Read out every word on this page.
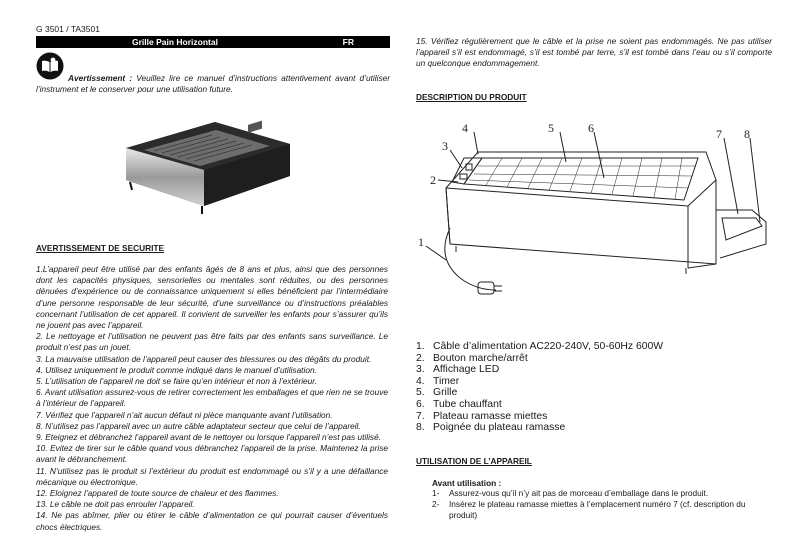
G 3501 / TA3501
Grille Pain Horizontal	FR
Avertissement : Veuillez lire ce manuel d’instructions attentivement avant d’utiliser l’instrument et le conserver pour une utilisation future.
AVERTISSEMENT DE SECURITE
1.L’appareil peut être utilisé par des enfants âgés de 8 ans et plus, ainsi que des personnes dont les capacités physiques, sensorielles ou mentales sont réduites, ou des personnes dénuées d’expérience ou de connaissance uniquement si elles bénéficient par l’intermédiaire d’une personne responsable de leur sécurité, d’une surveillance ou d’instructions préalables concernant l’utilisation de cet appareil. Il convient de surveiller les enfants pour s’assurer qu’ils ne jouent pas avec l’appareil.
2. Le nettoyage et l’utilisation ne peuvent pas être faits par des enfants sans surveillance. Le produit n’est pas un jouet.
3. La mauvaise utilisation de l’appareil peut causer des blessures ou des dégâts du produit.
4. Utilisez uniquement le produit comme indiqué dans le manuel d’utilisation.
5. L’utilisation de l’appareil ne doit se faire qu’en intérieur et non à l’extérieur.
6. Avant utilisation assurez-vous de retirer correctement les emballages et que rien ne se trouve à l’intérieur de l’appareil.
7. Vérifiez que l’appareil n’ait aucun défaut ni pièce manquante avant l’utilisation.
8. N’utilisez pas l’appareil avec un autre câble adaptateur secteur que celui de l’appareil.
9. Eteignez et débranchez l’appareil avant de le nettoyer ou lorsque l’appareil n’est pas utilisé.
10. Evitez de tirer sur le câble quand vous débranchez l’appareil de la prise. Maintenez la prise avant le débranchement.
11. N’utilisez pas le produit si l’extérieur du produit est endommagé ou s’il y a une défaillance mécanique ou électronique.
12. Eloignez l’appareil de toute source de chaleur et des flammes.
13. Le câble ne doit pas enrouler l’appareil.
14. Ne pas abîmer, plier ou étirer le câble d’alimentation ce qui pourrait causer d’éventuels chocs électriques.
15. Vérifiez régulièrement que le câble et la prise ne soient pas endommagés. Ne pas utiliser l’appareil s’il est endommagé, s’il est tombé par terre, s’il est tombé dans l’eau ou s’il comporte un quelconque endommagement.
DESCRIPTION DU PRODUIT
1
2
3
4	5	6	7 8
1. Câble d’alimentation AC220-240V, 50-60Hz 600W
2. Bouton marche/arrêt
3. Affichage LED
4. Timer
5. Grille
6. Tube chauffant
7. Plateau ramasse miettes
8. Poignée du plateau ramasse
UTILISATION DE L’APPAREIL
Avant utilisation :
1-	Assurez-vous qu’il n’y ait pas de morceau d’emballage dans le produit.
2-	Insérez le plateau ramasse miettes à l’emplacement numéro 7 (cf. description du produit)
